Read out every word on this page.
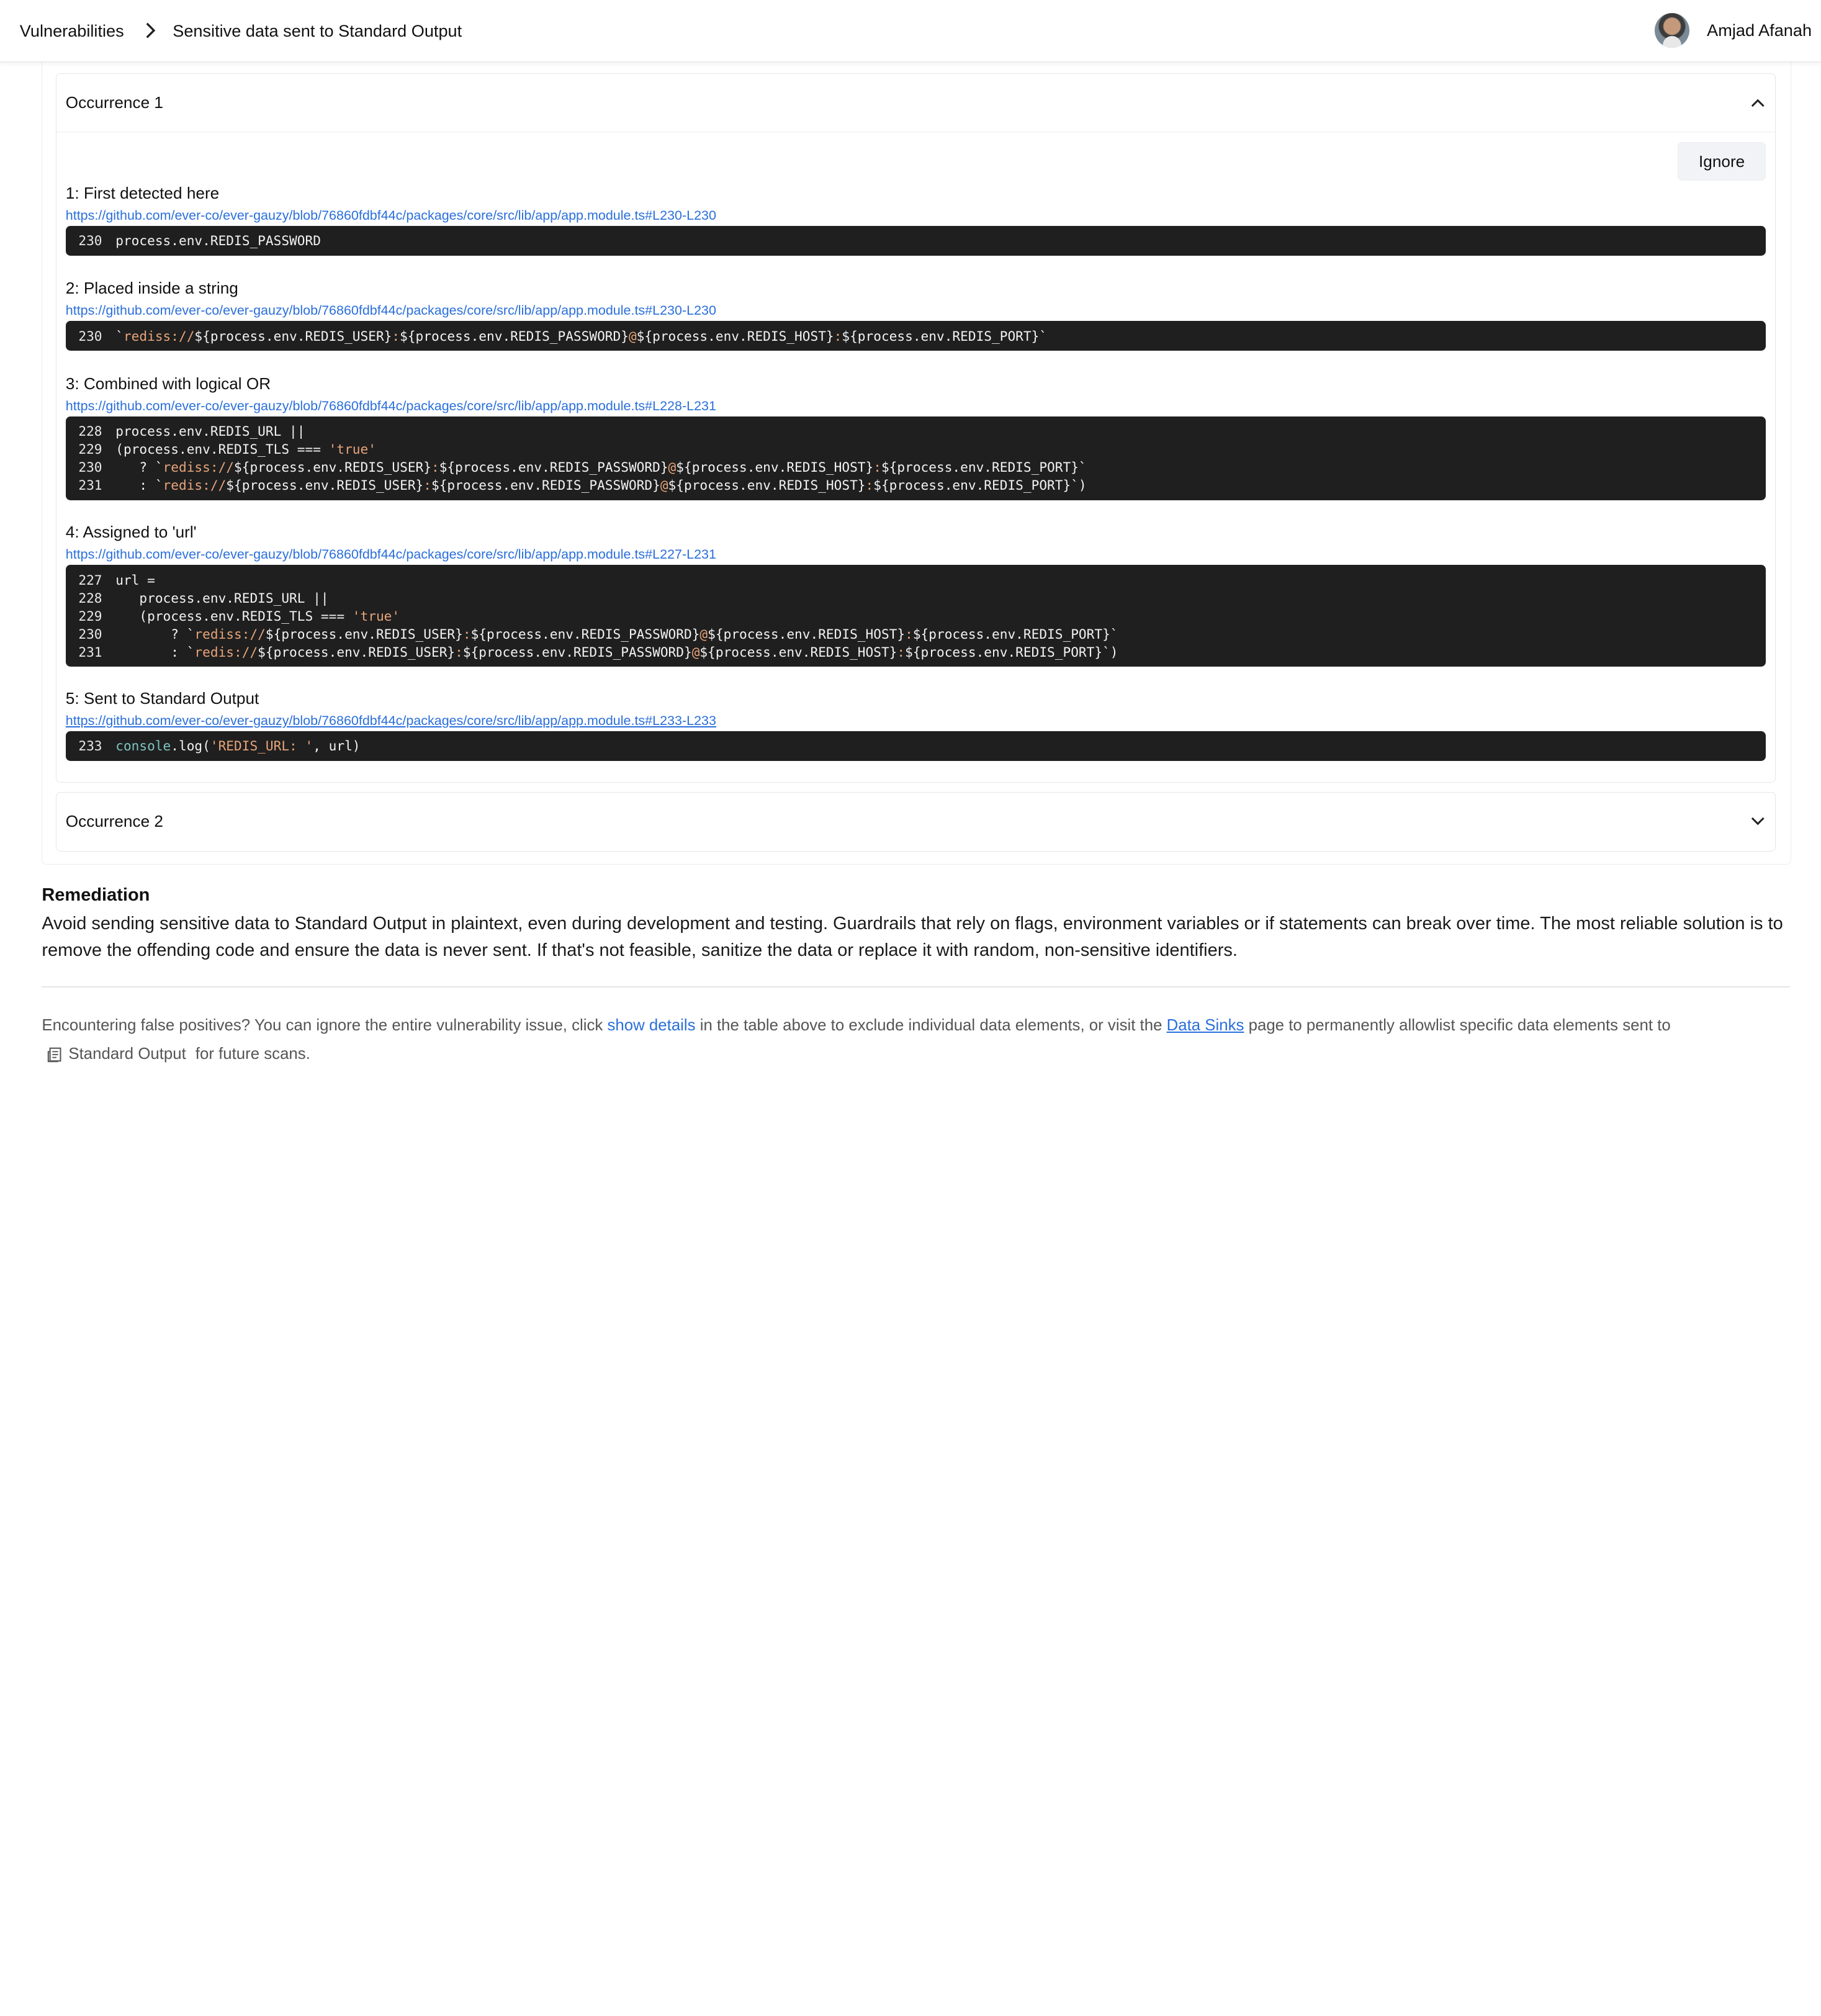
Vulnerabilities	Sensitive data sent to Standard Output	Amjad Afanah
Occurrence 1
Ignore
1: First detected here
https://github.com/ever-co/ever-gauzy/blob/76860fdbf44c/packages/core/src/lib/app/app.module.ts#L230-L230
230 process.env.REDIS_PASSWORD
2: Placed inside a string
https://github.com/ever-co/ever-gauzy/blob/76860fdbf44c/packages/core/src/lib/app/app.module.ts#L230-L230
230 `rediss://${process.env.REDIS_USER}:${process.env.REDIS_PASSWORD}@${process.env.REDIS_HOST}:${process.env.REDIS_PORT}`
3: Combined with logical OR
https://github.com/ever-co/ever-gauzy/blob/76860fdbf44c/packages/core/src/lib/app/app.module.ts#L228-L231
228 process.env.REDIS_URL ||
229 (process.env.REDIS_TLS === 'true'
230   ? `rediss://${process.env.REDIS_USER}:${process.env.REDIS_PASSWORD}@${process.env.REDIS_HOST}:${process.env.REDIS_PORT}`
231   : `redis://${process.env.REDIS_USER}:${process.env.REDIS_PASSWORD}@${process.env.REDIS_HOST}:${process.env.REDIS_PORT}`)
4: Assigned to 'url'
https://github.com/ever-co/ever-gauzy/blob/76860fdbf44c/packages/core/src/lib/app/app.module.ts#L227-L231
227 url =
228   process.env.REDIS_URL ||
229   (process.env.REDIS_TLS === 'true'
230       ? `rediss://${process.env.REDIS_USER}:${process.env.REDIS_PASSWORD}@${process.env.REDIS_HOST}:${process.env.REDIS_PORT}`
231       : `redis://${process.env.REDIS_USER}:${process.env.REDIS_PASSWORD}@${process.env.REDIS_HOST}:${process.env.REDIS_PORT}`)
5: Sent to Standard Output
https://github.com/ever-co/ever-gauzy/blob/76860fdbf44c/packages/core/src/lib/app/app.module.ts#L233-L233
233 console.log('REDIS_URL: ', url)
Occurrence 2
Remediation
Avoid sending sensitive data to Standard Output in plaintext, even during development and testing. Guardrails that rely on flags, environment variables or if statements can break over time. The most reliable solution is to remove the offending code and ensure the data is never sent. If that's not feasible, sanitize the data or replace it with random, non-sensitive identifiers.
Encountering false positives? You can ignore the entire vulnerability issue, click show details in the table above to exclude individual data elements, or visit the Data Sinks page to permanently allowlist specific data elements sent to
Standard Output for future scans.
